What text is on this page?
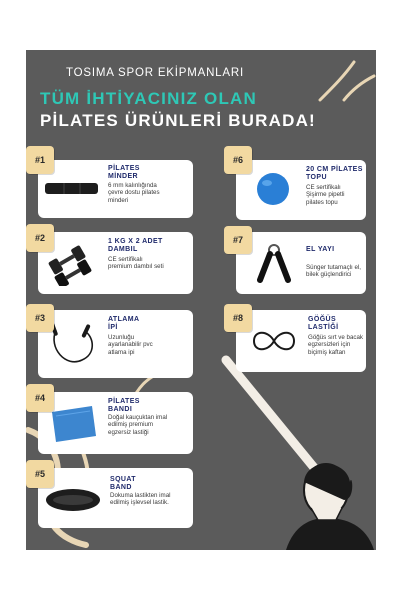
TOSIMA SPOR EKİPMANLARI
TÜM İHTİYACINIZ OLAN
PİLATES ÜRÜNLERİ BURADA!
PİLATES MİNDER
6 mm kalınlığında çevre dostu pilates minderi
#1
1 KG X 2 ADET DAMBIL
CE sertifikalı premium dambıl seti
#2
ATLAMA İPİ
Uzunluğu ayarlanabilir pvc atlama ipi
#3
PİLATES BANDI
Doğal kauçuktan imal edilmiş premium egzersiz lastiği
#4
SQUAT BAND
Dokuma lastikten imal edilmiş işlevsel lastik.
#5
20 CM PİLATES TOPU
CE sertifikalı Şişirme pipetli pilates topu
#6
EL YAYI
Sünger tutamaçlı el, bilek güçlendirici
#7
GÖĞÜS LASTİĞİ
Göğüs sırt ve bacak egzersizleri için biçimiş kaftan
#8
